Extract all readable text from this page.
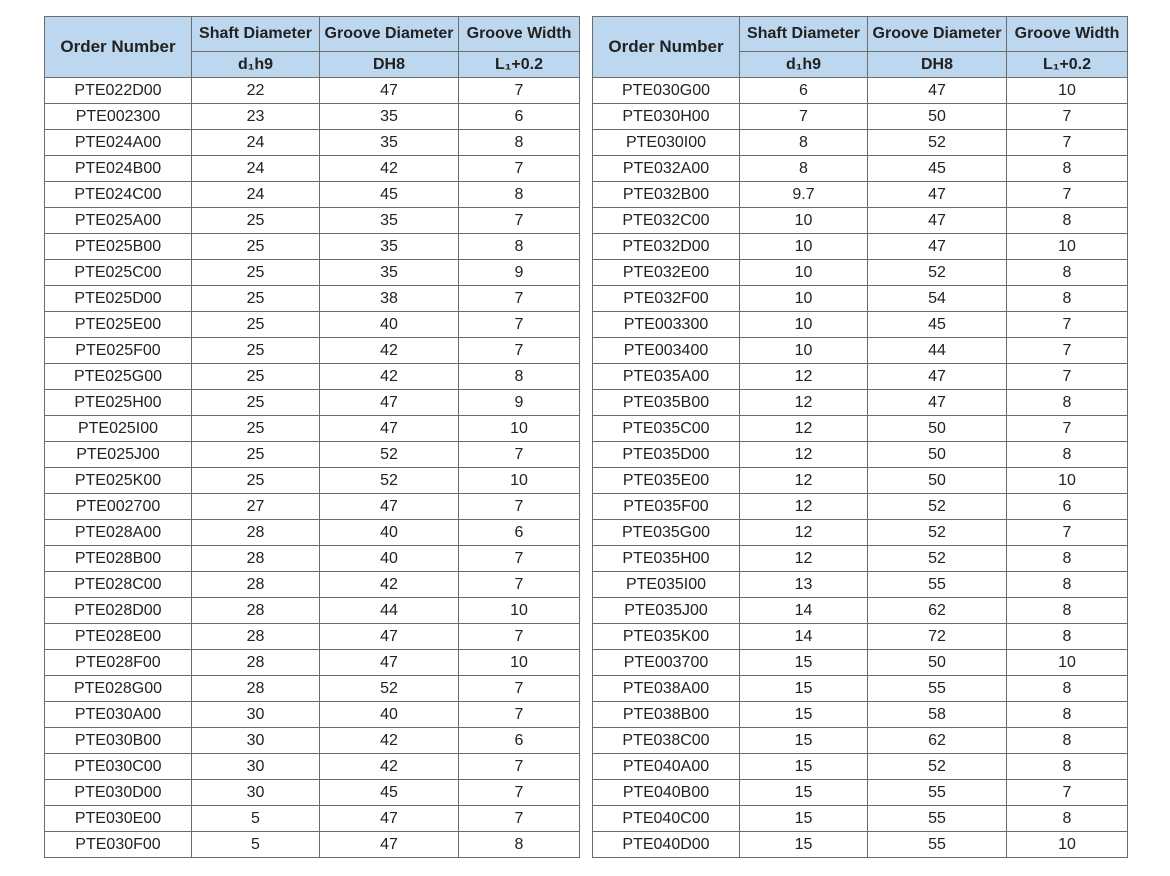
Order Number	Shaft Diameter	Groove Diameter	Groove Width
	d₁h9	DH8	L₁+0.2
PTE022D00	22	47	7
PTE002300	23	35	6
PTE024A00	24	35	8
PTE024B00	24	42	7
PTE024C00	24	45	8
PTE025A00	25	35	7
PTE025B00	25	35	8
PTE025C00	25	35	9
PTE025D00	25	38	7
PTE025E00	25	40	7
PTE025F00	25	42	7
PTE025G00	25	42	8
PTE025H00	25	47	9
PTE025I00	25	47	10
PTE025J00	25	52	7
PTE025K00	25	52	10
PTE002700	27	47	7
PTE028A00	28	40	6
PTE028B00	28	40	7
PTE028C00	28	42	7
PTE028D00	28	44	10
PTE028E00	28	47	7
PTE028F00	28	47	10
PTE028G00	28	52	7
PTE030A00	30	40	7
PTE030B00	30	42	6
PTE030C00	30	42	7
PTE030D00	30	45	7
PTE030E00	5	47	7
PTE030F00	5	47	8
Order Number	Shaft Diameter	Groove Diameter	Groove Width
	d₁h9	DH8	L₁+0.2
PTE030G00	6	47	10
PTE030H00	7	50	7
PTE030I00	8	52	7
PTE032A00	8	45	8
PTE032B00	9.7	47	7
PTE032C00	10	47	8
PTE032D00	10	47	10
PTE032E00	10	52	8
PTE032F00	10	54	8
PTE003300	10	45	7
PTE003400	10	44	7
PTE035A00	12	47	7
PTE035B00	12	47	8
PTE035C00	12	50	7
PTE035D00	12	50	8
PTE035E00	12	50	10
PTE035F00	12	52	6
PTE035G00	12	52	7
PTE035H00	12	52	8
PTE035I00	13	55	8
PTE035J00	14	62	8
PTE035K00	14	72	8
PTE003700	15	50	10
PTE038A00	15	55	8
PTE038B00	15	58	8
PTE038C00	15	62	8
PTE040A00	15	52	8
PTE040B00	15	55	7
PTE040C00	15	55	8
PTE040D00	15	55	10
